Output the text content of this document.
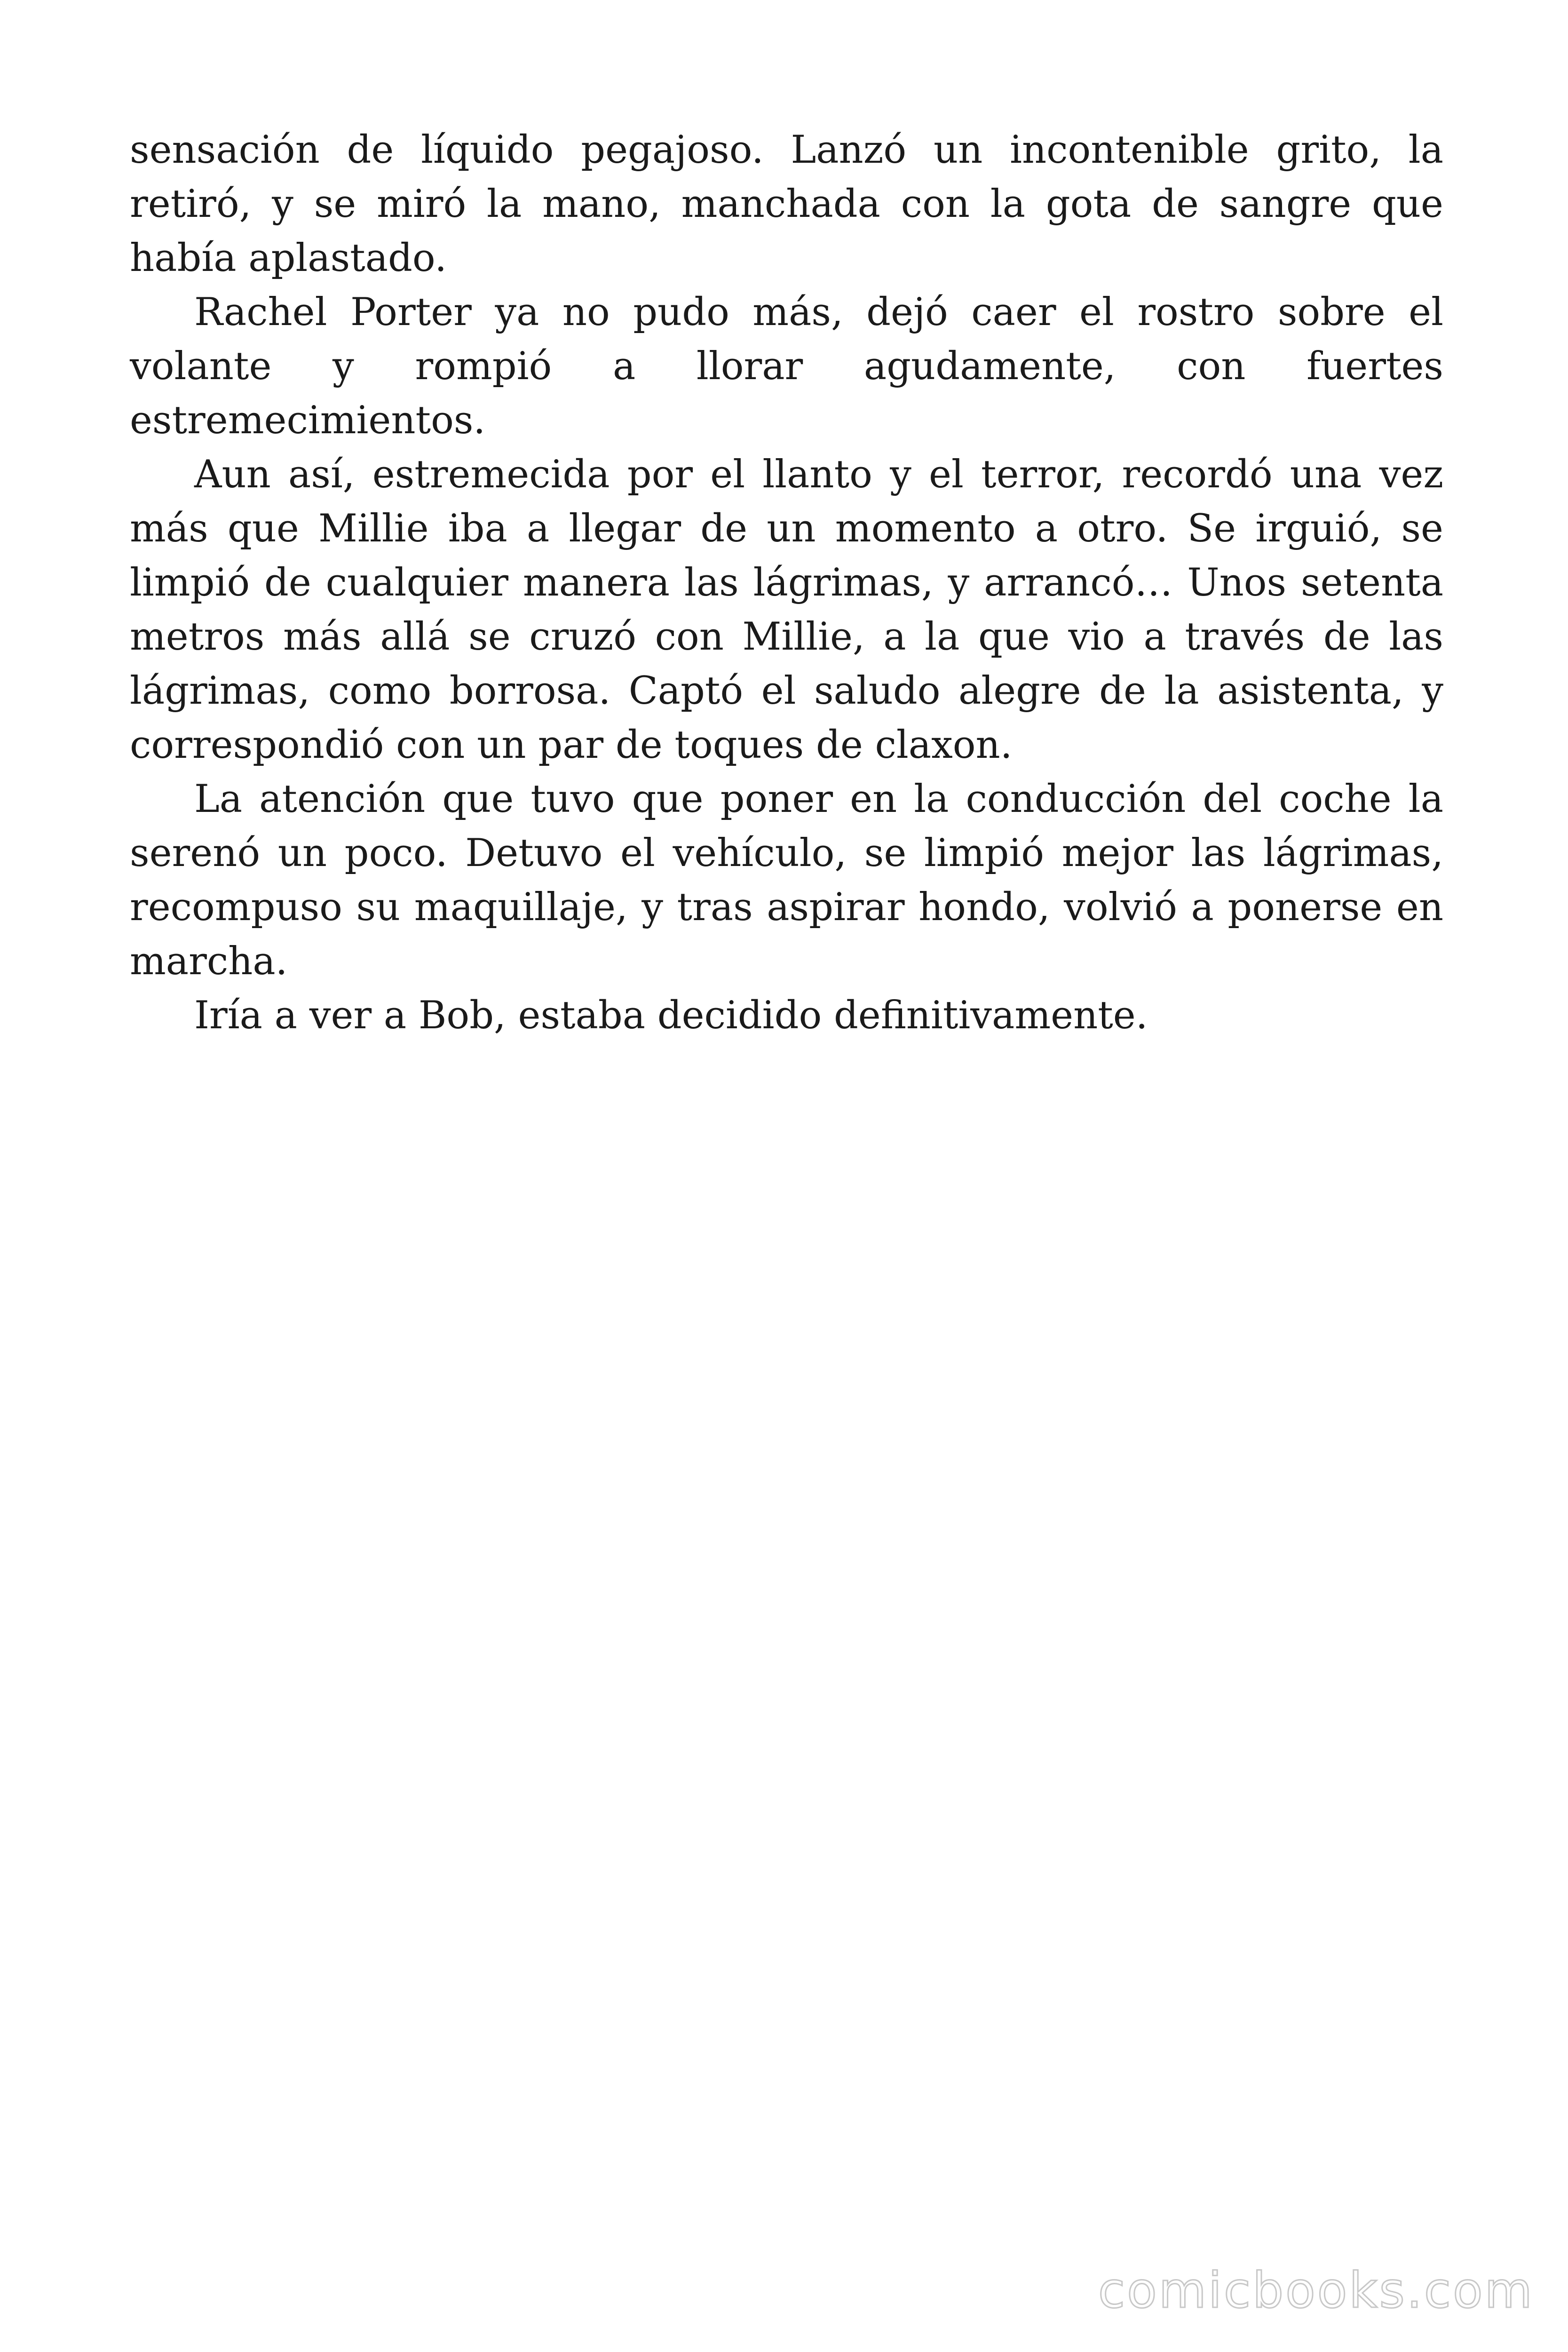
sensación de líquido pegajoso. Lanzó un incontenible grito, la retiró, y se miró la mano, manchada con la gota de sangre que había aplastado.

Rachel Porter ya no pudo más, dejó caer el rostro sobre el volante y rompió a llorar agudamente, con fuertes estremecimientos.

Aun así, estremecida por el llanto y el terror, recordó una vez más que Millie iba a llegar de un momento a otro. Se irguió, se limpió de cualquier manera las lágrimas, y arrancó… Unos setenta metros más allá se cruzó con Millie, a la que vio a través de las lágrimas, como borrosa. Captó el saludo alegre de la asistenta, y correspondió con un par de toques de claxon.

La atención que tuvo que poner en la conducción del coche la serenó un poco. Detuvo el vehículo, se limpió mejor las lágrimas, recompuso su maquillaje, y tras aspirar hondo, volvió a ponerse en marcha.

Iría a ver a Bob, estaba decidido definitivamente.

comicbooks.com
